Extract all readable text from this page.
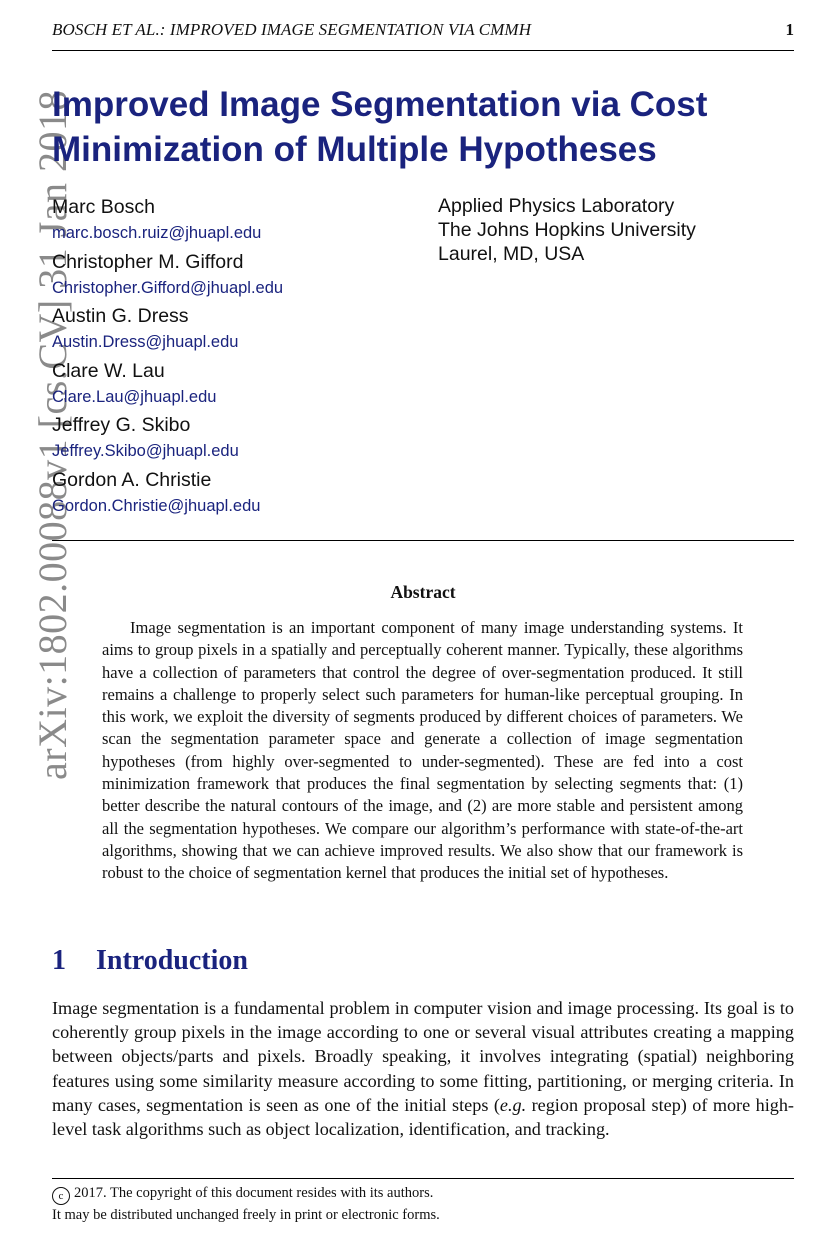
BOSCH ET AL.: IMPROVED IMAGE SEGMENTATION VIA CMMH	1
arXiv:1802.00088v1 [cs.CV] 31 Jan 2018
Improved Image Segmentation via Cost Minimization of Multiple Hypotheses
Marc Bosch
marc.bosch.ruiz@jhuapl.edu
Christopher M. Gifford
Christopher.Gifford@jhuapl.edu
Austin G. Dress
Austin.Dress@jhuapl.edu
Clare W. Lau
Clare.Lau@jhuapl.edu
Jeffrey G. Skibo
Jeffrey.Skibo@jhuapl.edu
Gordon A. Christie
Gordon.Christie@jhuapl.edu
Applied Physics Laboratory
The Johns Hopkins University
Laurel, MD, USA
Abstract

Image segmentation is an important component of many image understanding systems. It aims to group pixels in a spatially and perceptually coherent manner. Typically, these algorithms have a collection of parameters that control the degree of over-segmentation produced. It still remains a challenge to properly select such parameters for human-like perceptual grouping. In this work, we exploit the diversity of segments produced by different choices of parameters. We scan the segmentation parameter space and generate a collection of image segmentation hypotheses (from highly over-segmented to under-segmented). These are fed into a cost minimization framework that produces the final segmentation by selecting segments that: (1) better describe the natural contours of the image, and (2) are more stable and persistent among all the segmentation hypotheses. We compare our algorithm’s performance with state-of-the-art algorithms, showing that we can achieve improved results. We also show that our framework is robust to the choice of segmentation kernel that produces the initial set of hypotheses.

1 Introduction

Image segmentation is a fundamental problem in computer vision and image processing. Its goal is to coherently group pixels in the image according to one or several visual attributes creating a mapping between objects/parts and pixels. Broadly speaking, it involves integrating (spatial) neighboring features using some similarity measure according to some fitting, partitioning, or merging criteria. In many cases, segmentation is seen as one of the initial steps (e.g. region proposal step) of more high-level task algorithms such as object localization, identification, and tracking.

c 2017. The copyright of this document resides with its authors.
It may be distributed unchanged freely in print or electronic forms.
